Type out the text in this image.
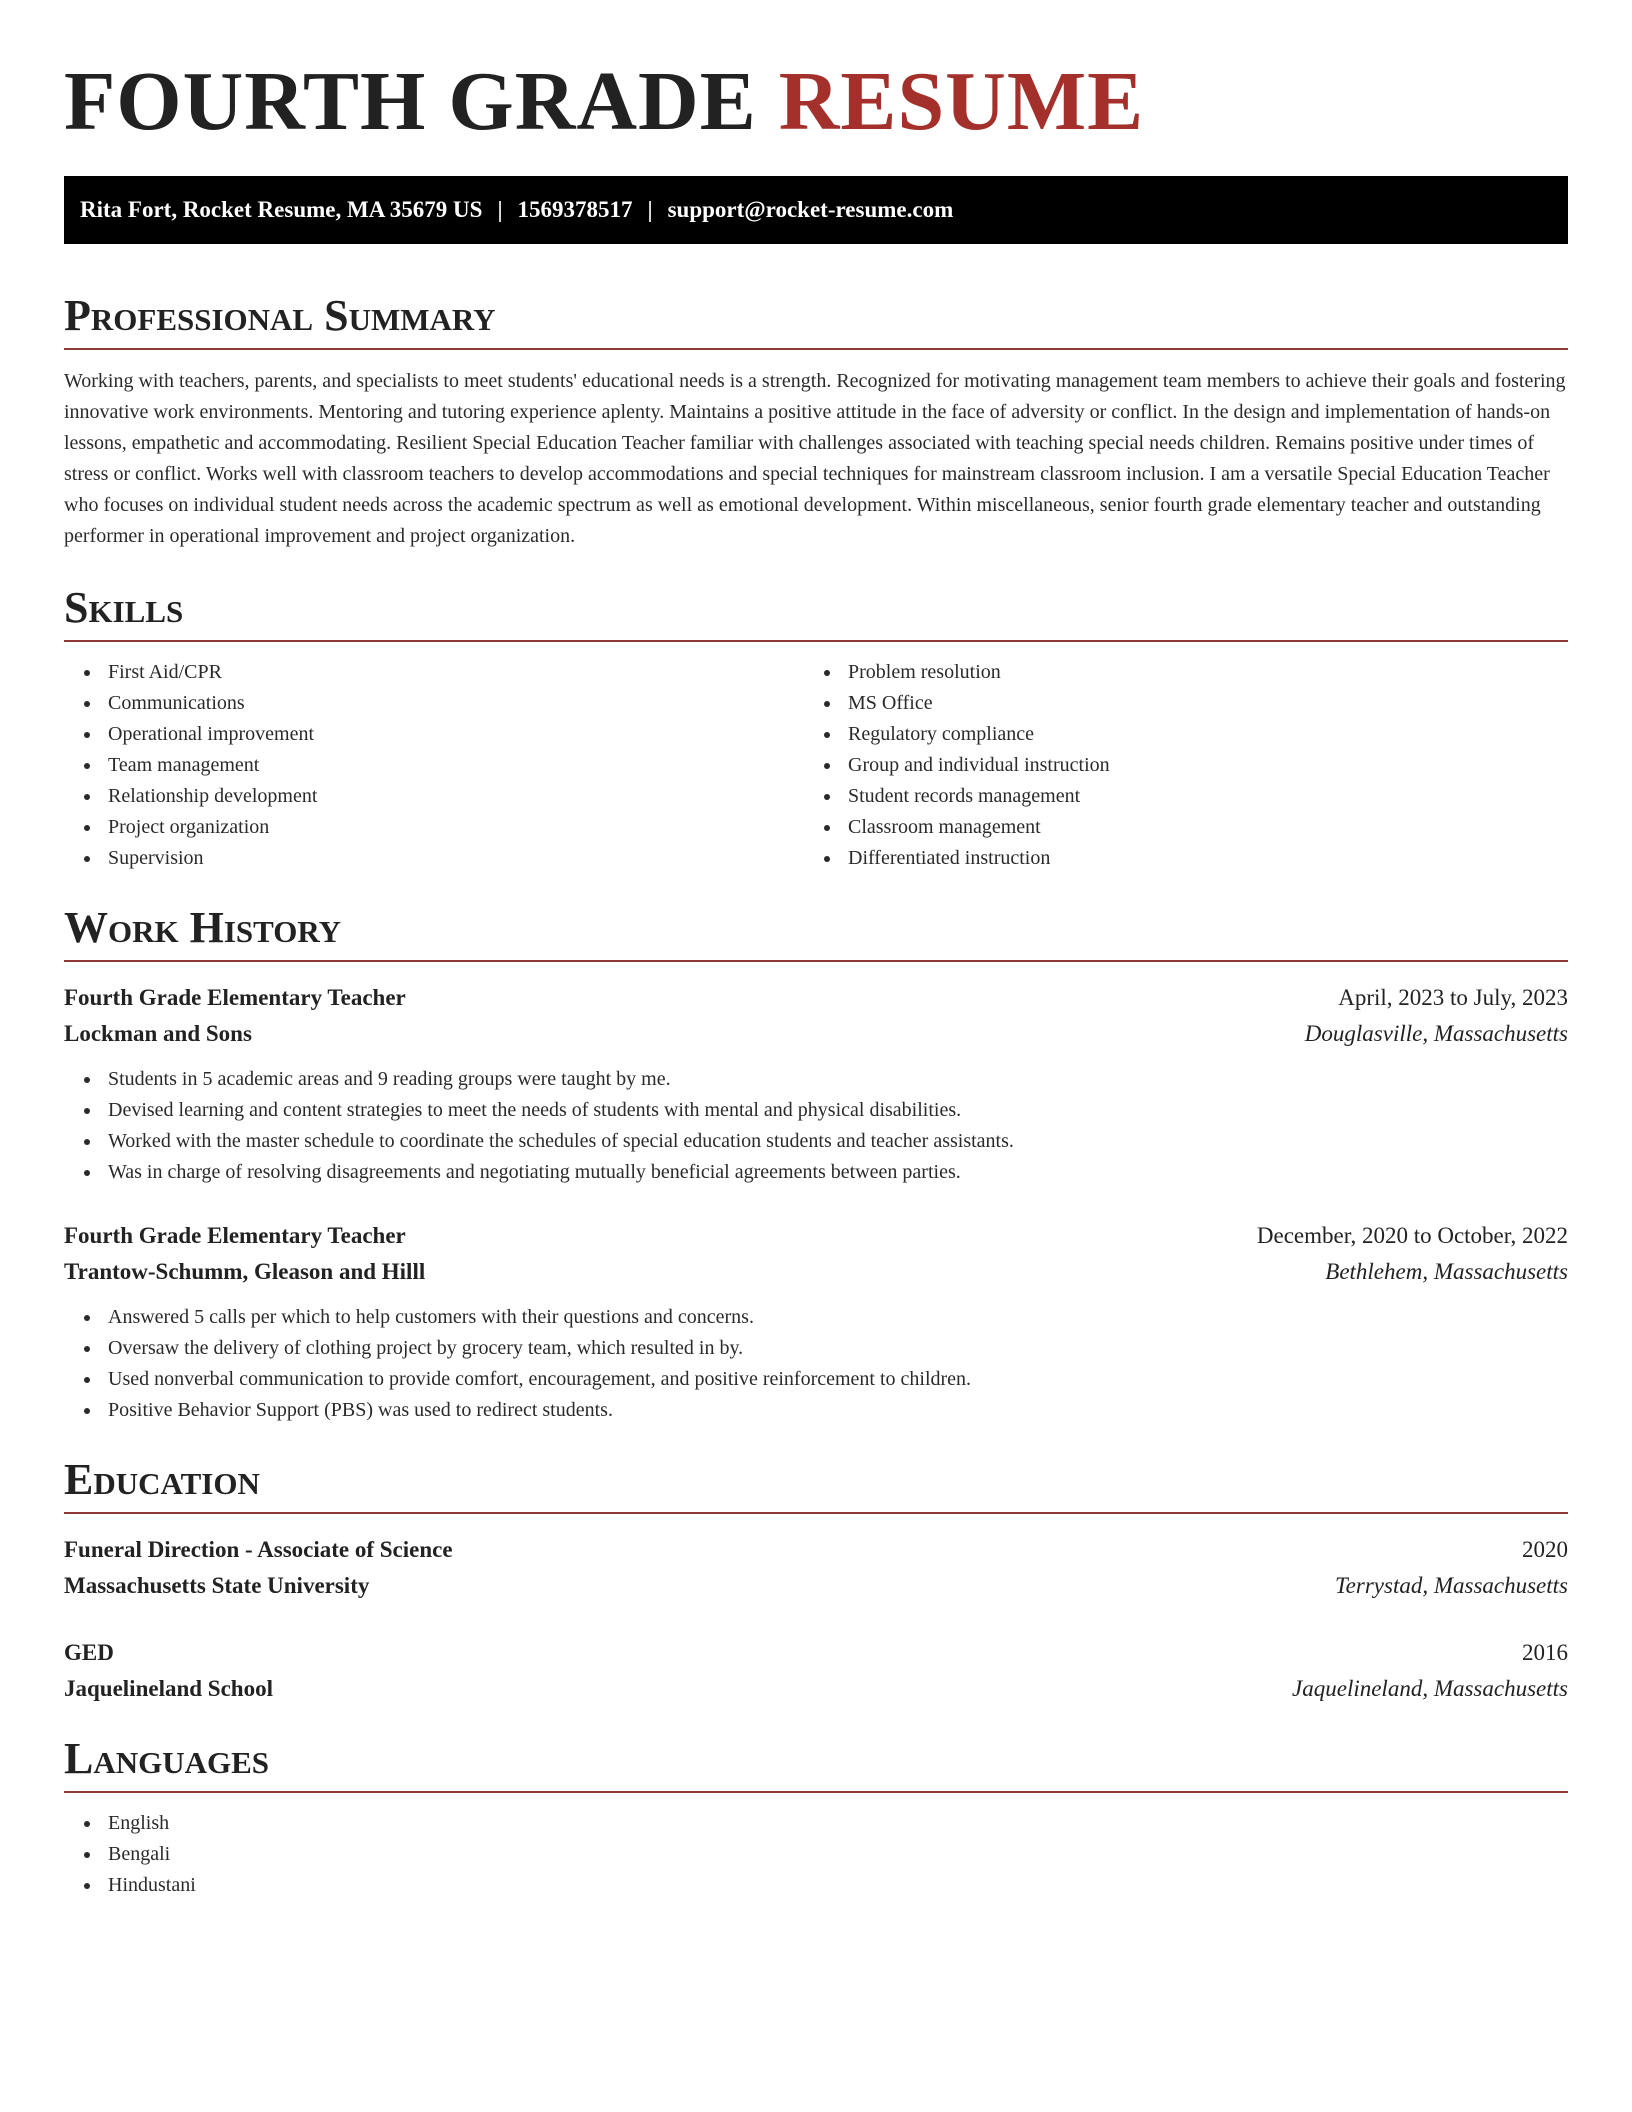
FOURTH GRADE RESUME
Rita Fort, Rocket Resume, MA 35679 US | 1569378517 | support@rocket-resume.com
Professional Summary

Working with teachers, parents, and specialists to meet students' educational needs is a strength. Recognized for motivating management team members to achieve their goals and fostering innovative work environments. Mentoring and tutoring experience aplenty. Maintains a positive attitude in the face of adversity or conflict. In the design and implementation of hands-on lessons, empathetic and accommodating. Resilient Special Education Teacher familiar with challenges associated with teaching special needs children. Remains positive under times of stress or conflict. Works well with classroom teachers to develop accommodations and special techniques for mainstream classroom inclusion. I am a versatile Special Education Teacher who focuses on individual student needs across the academic spectrum as well as emotional development. Within miscellaneous, senior fourth grade elementary teacher and outstanding performer in operational improvement and project organization.

Skills
First Aid/CPR
Communications
Operational improvement
Team management
Relationship development
Project organization
Supervision
Problem resolution
MS Office
Regulatory compliance
Group and individual instruction
Student records management
Classroom management
Differentiated instruction
Work History
Fourth Grade Elementary Teacher	April, 2023 to July, 2023
Lockman and Sons	Douglasville, Massachusetts
Students in 5 academic areas and 9 reading groups were taught by me.
Devised learning and content strategies to meet the needs of students with mental and physical disabilities.
Worked with the master schedule to coordinate the schedules of special education students and teacher assistants.
Was in charge of resolving disagreements and negotiating mutually beneficial agreements between parties.
Fourth Grade Elementary Teacher	December, 2020 to October, 2022
Trantow-Schumm, Gleason and Hilll	Bethlehem, Massachusetts
Answered 5 calls per which to help customers with their questions and concerns.
Oversaw the delivery of clothing project by grocery team, which resulted in by.
Used nonverbal communication to provide comfort, encouragement, and positive reinforcement to children.
Positive Behavior Support (PBS) was used to redirect students.
Education
Funeral Direction - Associate of Science	2020
Massachusetts State University	Terrystad, Massachusetts
GED	2016
Jaquelineland School	Jaquelineland, Massachusetts
Languages
English
Bengali
Hindustani
